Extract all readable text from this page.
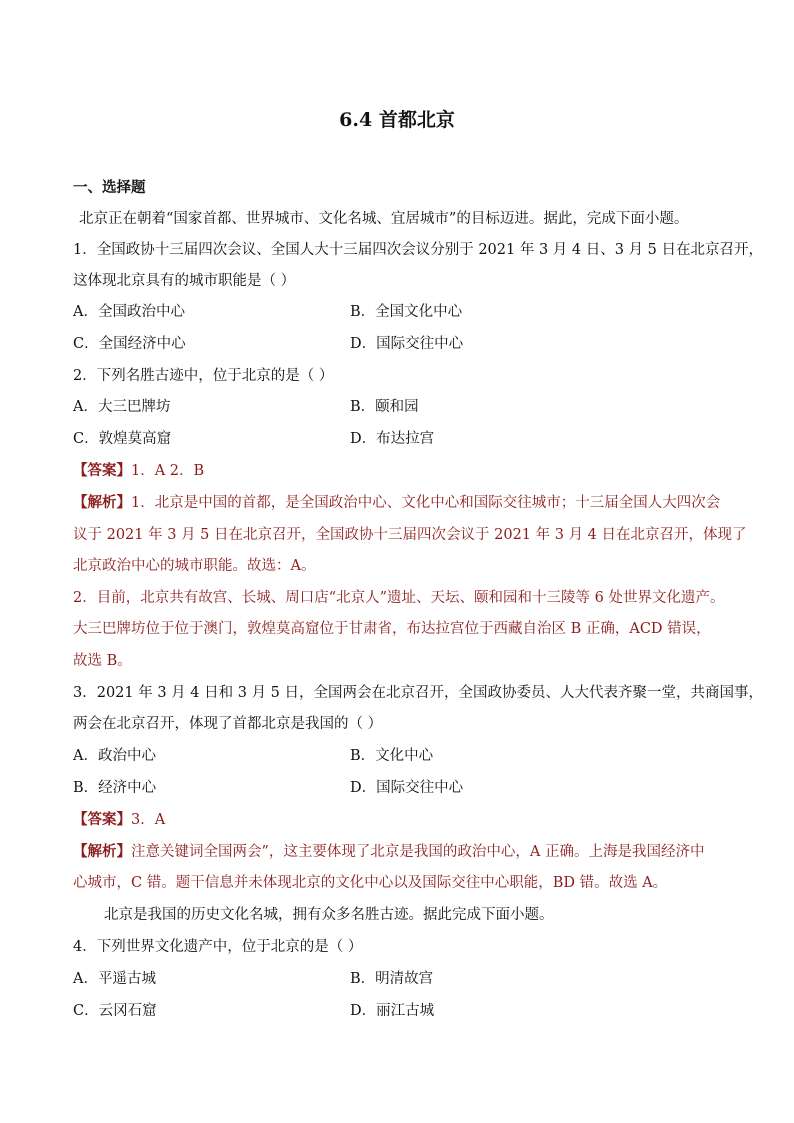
6.4 首都北京
一、选择题
北京正在朝着“国家首都、世界城市、文化名城、宜居城市”的目标迈进。据此，完成下面小题。
1．全国政协十三届四次会议、全国人大十三届四次会议分别于 2021 年 3 月 4 日、3 月 5 日在北京召开，
这体现北京具有的城市职能是（ ）
A．全国政治中心	B．全国文化中心
C．全国经济中心	D．国际交往中心
2．下列名胜古迹中，位于北京的是（ ）
A．大三巴牌坊	B．颐和园
C．敦煌莫高窟	D．布达拉宫
【答案】1．A 2．B
【解析】1．北京是中国的首都，是全国政治中心、文化中心和国际交往城市；十三届全国人大四次会
议于 2021 年 3 月 5 日在北京召开，全国政协十三届四次会议于 2021 年 3 月 4 日在北京召开，体现了
北京政治中心的城市职能。故选：A。
2．目前，北京共有故宫、长城、周口店“北京人”遗址、天坛、颐和园和十三陵等 6 处世界文化遗产。
大三巴牌坊位于位于澳门，敦煌莫高窟位于甘肃省，布达拉宫位于西藏自治区 B 正确，ACD 错误，
故选 B。
3．2021 年 3 月 4 日和 3 月 5 日，全国两会在北京召开，全国政协委员、人大代表齐聚一堂，共商国事，
两会在北京召开，体现了首都北京是我国的（ ）
A．政治中心	B．文化中心
B．经济中心	D．国际交往中心
【答案】3．A
【解析】注意关键词全国两会”，这主要体现了北京是我国的政治中心，A 正确。上海是我国经济中
心城市，C 错。题干信息并未体现北京的文化中心以及国际交往中心职能，BD 错。故选 A。
北京是我国的历史文化名城，拥有众多名胜古迹。据此完成下面小题。
4．下列世界文化遗产中，位于北京的是（ ）
A．平遥古城	B．明清故宫
C．云冈石窟	D．丽江古城
